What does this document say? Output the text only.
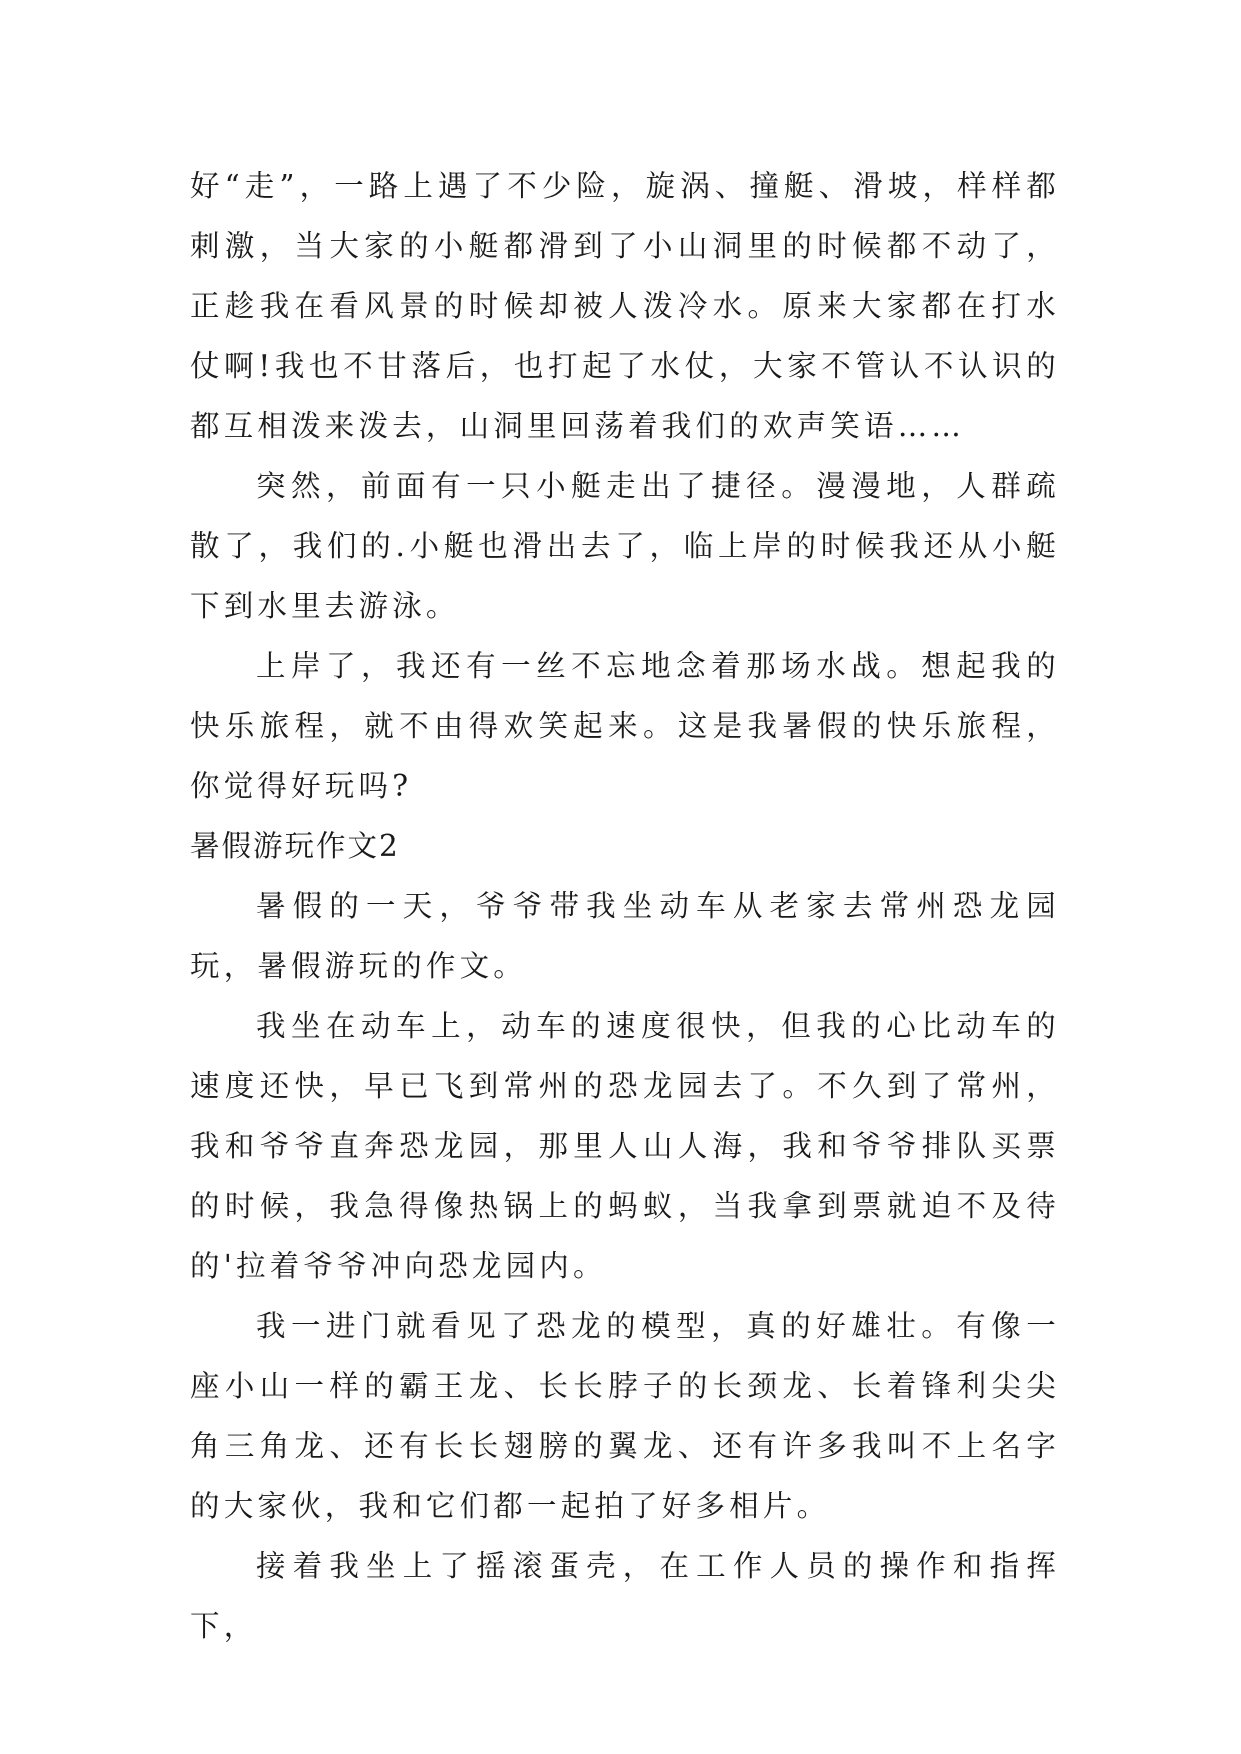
好“走”，一路上遇了不少险，旋涡、撞艇、滑坡，样样都刺激，当大家的小艇都滑到了小山洞里的时候都不动了，正趁我在看风景的时候却被人泼冷水。原来大家都在打水仗啊!我也不甘落后，也打起了水仗，大家不管认不认识的都互相泼来泼去，山洞里回荡着我们的欢声笑语……

突然，前面有一只小艇走出了捷径。漫漫地，人群疏散了，我们的.小艇也滑出去了，临上岸的时候我还从小艇下到水里去游泳。

上岸了，我还有一丝不忘地念着那场水战。想起我的快乐旅程，就不由得欢笑起来。这是我暑假的快乐旅程，你觉得好玩吗?

暑假游玩作文2

暑假的一天，爷爷带我坐动车从老家去常州恐龙园玩，暑假游玩的作文。

我坐在动车上，动车的速度很快，但我的心比动车的速度还快，早已飞到常州的恐龙园去了。不久到了常州，我和爷爷直奔恐龙园，那里人山人海，我和爷爷排队买票的时候，我急得像热锅上的蚂蚁，当我拿到票就迫不及待的'拉着爷爷冲向恐龙园内。

我一进门就看见了恐龙的模型，真的好雄壮。有像一座小山一样的霸王龙、长长脖子的长颈龙、长着锋利尖尖角三角龙、还有长长翅膀的翼龙、还有许多我叫不上名字的大家伙，我和它们都一起拍了好多相片。

接着我坐上了摇滚蛋壳，在工作人员的操作和指挥下，
